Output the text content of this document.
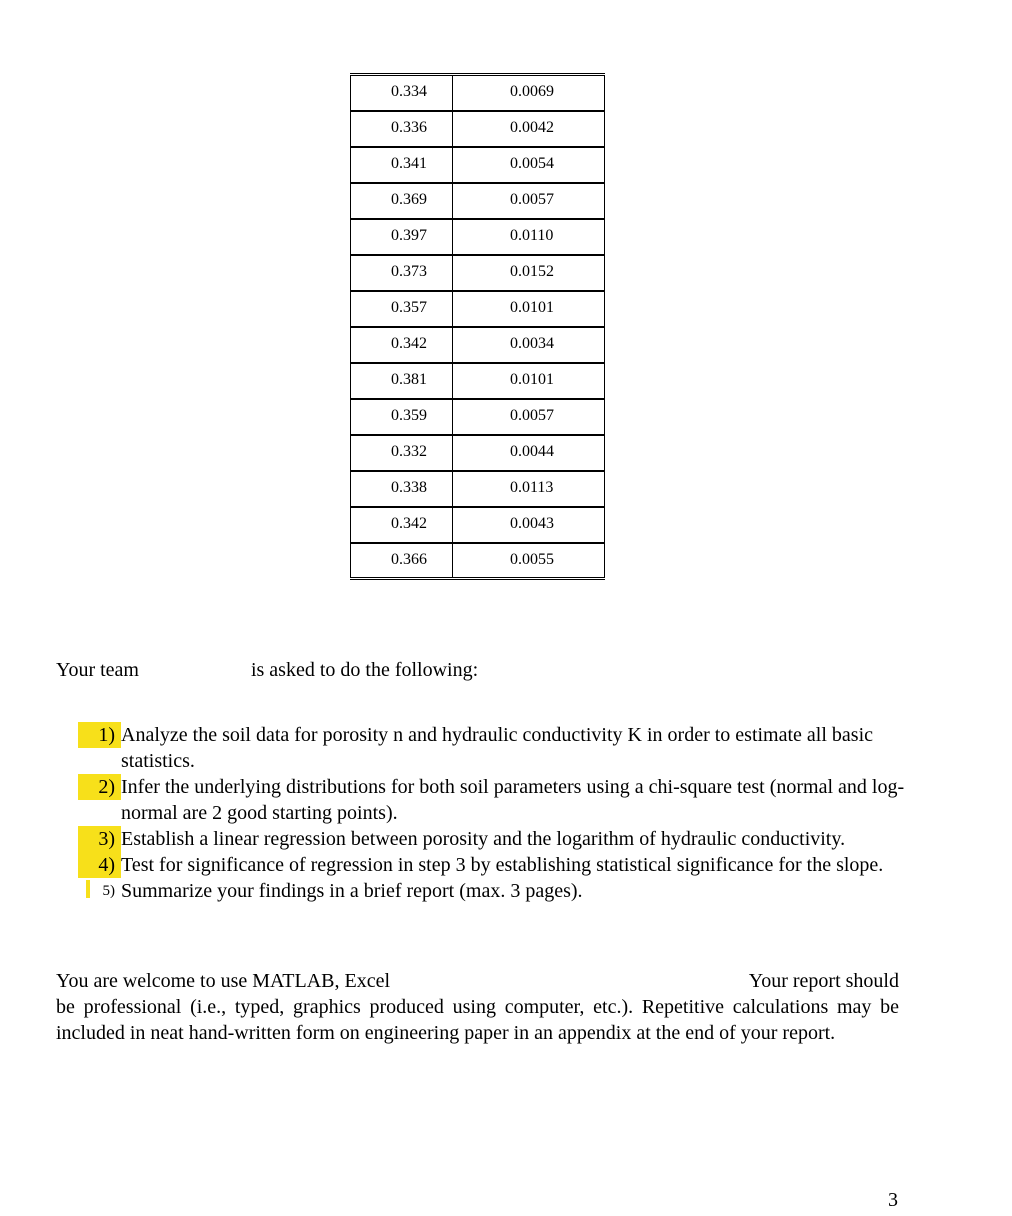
0.334	0.0069
0.336	0.0042
0.341	0.0054
0.369	0.0057
0.397	0.0110
0.373	0.0152
0.357	0.0101
0.342	0.0034
0.381	0.0101
0.359	0.0057
0.332	0.0044
0.338	0.0113
0.342	0.0043
0.366	0.0055
Your team	is asked to do the following:

1) Analyze the soil data for porosity n and hydraulic conductivity K in order to estimate all basic statistics.

2) Infer the underlying distributions for both soil parameters using a chi-square test (normal and log-normal are 2 good starting points).

3) Establish a linear regression between porosity and the logarithm of hydraulic conductivity.

4) Test for significance of regression in step 3 by establishing statistical significance for the slope.

5) Summarize your findings in a brief report (max. 3 pages).

You are welcome to use MATLAB, Excel	Your report should
be professional (i.e., typed, graphics produced using computer, etc.). Repetitive calculations may be included in neat hand-written form on engineering paper in an appendix at the end of your report.
3
